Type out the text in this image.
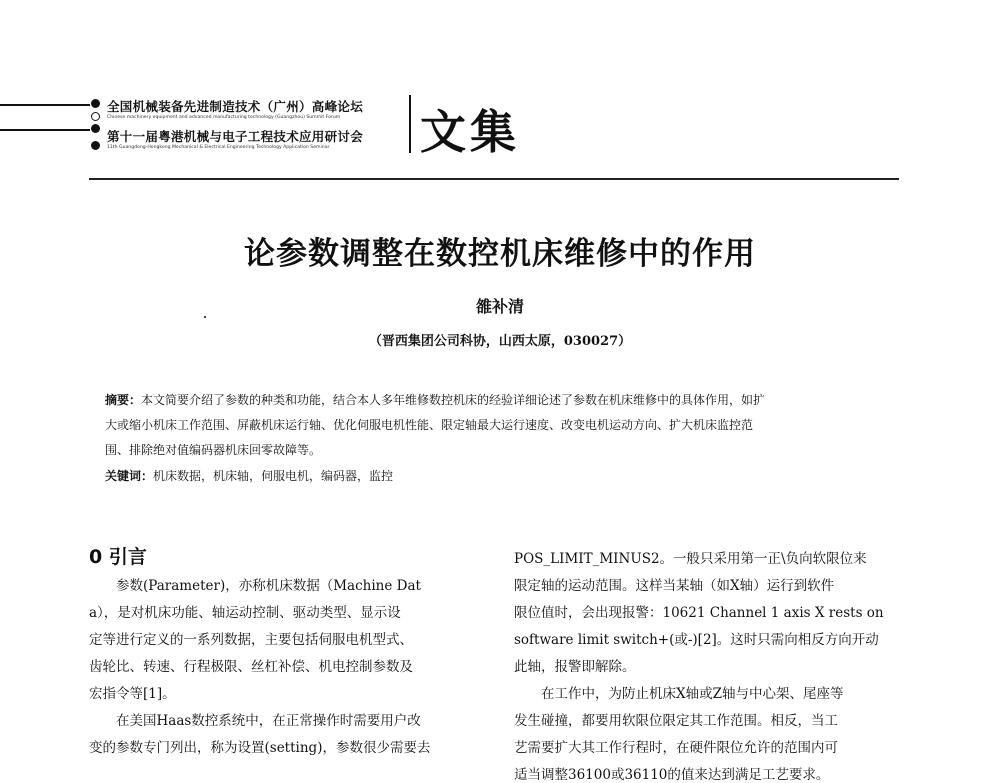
全国机械装备先进制造技术（广州）高峰论坛
Chinese machinery equipment and advanced manufacturing technology (Guangzhou) Summit Forum
第十一届粤港机械与电子工程技术应用研讨会
11th Guangdong-Hongkong Mechanical & Electrical Engineering Technology Application Seminar 文集
论参数调整在数控机床维修中的作用
雒补清
（晋西集团公司科协，山西太原，030027）
摘要：本文简要介绍了参数的种类和功能，结合本人多年维修数控机床的经验详细论述了参数在机床维修中的具体作用，如扩
大或缩小机床工作范围、屏蔽机床运行轴、优化伺服电机性能、限定轴最大运行速度、改变电机运动方向、扩大机床监控范
围、排除绝对值编码器机床回零故障等。
关键词：机床数据，机床轴，伺服电机，编码器，监控
0 引言
　　参数(Parameter)，亦称机床数据（Machine Dat
a），是对机床功能、轴运动控制、驱动类型、显示设
定等进行定义的一系列数据，主要包括伺服电机型式、
齿轮比、转速、行程极限、丝杠补偿、机电控制参数及
宏指令等[1]。
　　在美国Haas数控系统中，在正常操作时需要用户改
变的参数专门列出，称为设置(setting)，参数很少需要去
POS_LIMIT_MINUS2。一般只采用第一正\负向软限位来
限定轴的运动范围。这样当某轴（如X轴）运行到软件
限位值时，会出现报警：10621 Channel 1 axis X rests on
software limit switch+(或-)[2]。这时只需向相反方向开动
此轴，报警即解除。
　　在工作中，为防止机床X轴或Z轴与中心架、尾座等
发生碰撞，都要用软限位限定其工作范围。相反，当工
艺需要扩大其工作行程时，在硬件限位允许的范围内可
适当调整36100或36110的值来达到满足工艺要求。
